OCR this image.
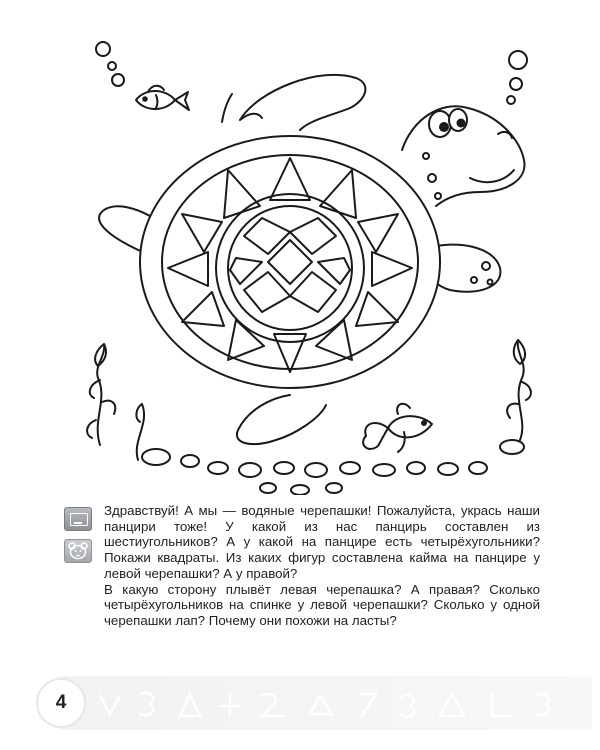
Здравствуй! А мы — водяные черепашки! Пожалуйста, укрась наши панцири тоже! У какой из нас панцирь составлен из шестиугольников? А у какой на панцире есть четырёхугольники? Покажи квадраты. Из каких фигур составлена кайма на панцире у левой черепашки? А у правой?

В какую сторону плывёт левая черепашка? А правая? Сколько четырёхугольников на спинке у левой черепашки? Сколько у одной черепашки лап? Почему они похожи на ласты?

4
